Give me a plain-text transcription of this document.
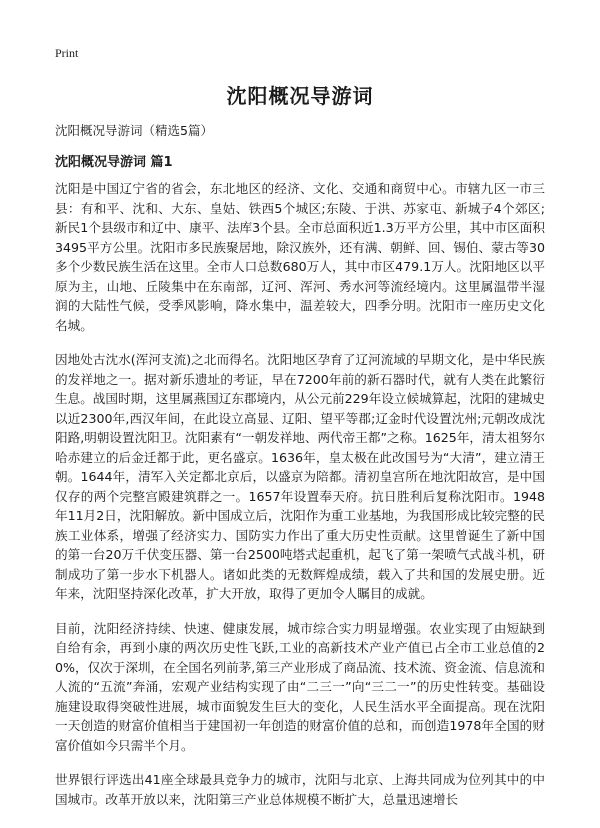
Print
沈阳概况导游词
沈阳概况导游词（精选5篇）
沈阳概况导游词 篇1

沈阳是中国辽宁省的省会，东北地区的经济、文化、交通和商贸中心。市辖九区一市三县：有和平、沈和、大东、皇姑、铁西5个城区;东陵、于洪、苏家屯、新城子4个郊区;新民1个县级市和辽中、康平、法库3个县。全市总面积近1.3万平方公里，其中市区面积3495平方公里。沈阳市多民族聚居地，除汉族外，还有满、朝鲜、回、锡伯、蒙古等30多个少数民族生活在这里。全市人口总数680万人，其中市区479.1万人。沈阳地区以平原为主，山地、丘陵集中在东南部，辽河、浑河、秀水河等流经境内。这里属温带半湿润的大陆性气候，受季风影响，降水集中，温差较大，四季分明。沈阳市一座历史文化名城。

因地处古沈水(浑河支流)之北而得名。沈阳地区孕育了辽河流域的早期文化，是中华民族的发祥地之一。据对新乐遗址的考证，早在7200年前的新石器时代，就有人类在此繁衍生息。战国时期，这里属燕国辽东郡境内，从公元前229年设立候城算起，沈阳的建城史以近2300年,西汉年间，在此设立高显、辽阳、望平等郡;辽金时代设置沈州;元朝改成沈阳路,明朝设置沈阳卫。沈阳素有“一朝发祥地、两代帝王都”之称。1625年，清太祖努尔哈赤建立的后金迁都于此，更名盛京。1636年，皇太极在此改国号为“大清”，建立清王朝。1644年，清军入关定都北京后，以盛京为陪都。清初皇宫所在地沈阳故宫，是中国仅存的两个完整宫殿建筑群之一。1657年设置奉天府。抗日胜利后复称沈阳市。1948年11月2日，沈阳解放。新中国成立后，沈阳作为重工业基地，为我国形成比较完整的民族工业体系，增强了经济实力、国防实力作出了重大历史性贡献。这里曾诞生了新中国的第一台20万千伏变压器、第一台2500吨塔式起重机，起飞了第一架喷气式战斗机，研制成功了第一步水下机器人。诸如此类的无数辉煌成绩，载入了共和国的发展史册。近年来，沈阳坚持深化改革，扩大开放，取得了更加令人瞩目的成就。

目前，沈阳经济持续、快速、健康发展，城市综合实力明显增强。农业实现了由短缺到自给有余，再到小康的两次历史性飞跃,工业的高新技术产业产值已占全市工业总值的20%，仅次于深圳，在全国名列前茅,第三产业形成了商品流、技术流、资金流、信息流和人流的“五流”奔涌，宏观产业结构实现了由“二三一”向“三二一”的历史性转变。基础设施建设取得突破性进展，城市面貌发生巨大的变化，人民生活水平全面提高。现在沈阳一天创造的财富价值相当于建国初一年创造的财富价值的总和，而创造1978年全国的财富价值如今只需半个月。

世界银行评选出41座全球最具竞争力的城市，沈阳与北京、上海共同成为位列其中的中国城市。改革开放以来，沈阳第三产业总体规模不断扩大，总量迅速增长
